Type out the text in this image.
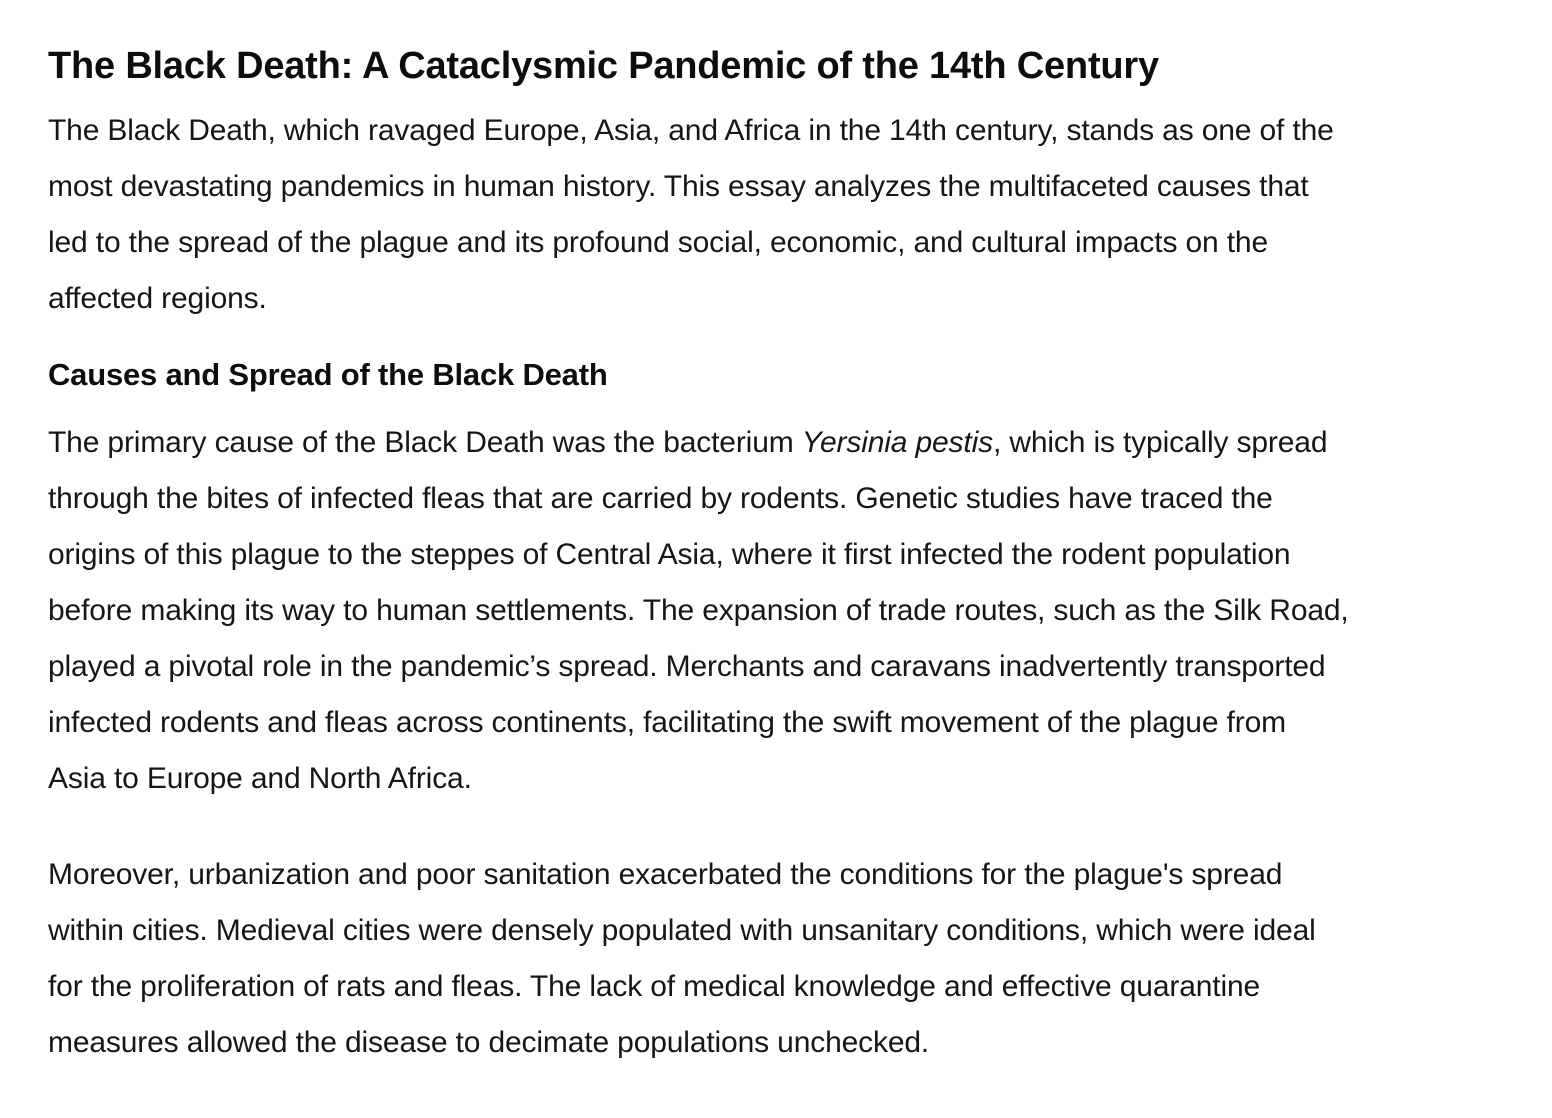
The Black Death: A Cataclysmic Pandemic of the 14th Century

The Black Death, which ravaged Europe, Asia, and Africa in the 14th century, stands as one of the
most devastating pandemics in human history. This essay analyzes the multifaceted causes that
led to the spread of the plague and its profound social, economic, and cultural impacts on the
affected regions.

Causes and Spread of the Black Death

The primary cause of the Black Death was the bacterium Yersinia pestis, which is typically spread
through the bites of infected fleas that are carried by rodents. Genetic studies have traced the
origins of this plague to the steppes of Central Asia, where it first infected the rodent population
before making its way to human settlements. The expansion of trade routes, such as the Silk Road,
played a pivotal role in the pandemic’s spread. Merchants and caravans inadvertently transported
infected rodents and fleas across continents, facilitating the swift movement of the plague from
Asia to Europe and North Africa.

Moreover, urbanization and poor sanitation exacerbated the conditions for the plague's spread
within cities. Medieval cities were densely populated with unsanitary conditions, which were ideal
for the proliferation of rats and fleas. The lack of medical knowledge and effective quarantine
measures allowed the disease to decimate populations unchecked.
